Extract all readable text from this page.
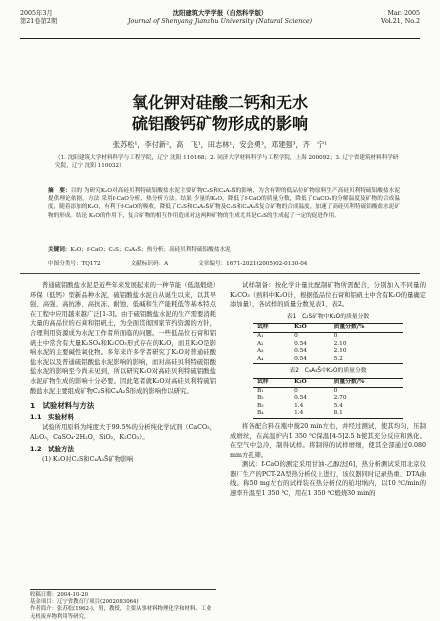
2005年3月
第21卷第2期
沈阳建筑大学学报（自然科学版）
Journal of Shenyang Jianzhu University (Natural Science)
Mar. 2005
Vol.21, No.2
氧化钾对硅酸二钙和无水
硫铝酸钙矿物形成的影响
张苏松¹，李付新²，高　飞¹，田志林¹，安会勇³，邓建强³，齐　宁¹
（1. 沈阳建筑大学材料科学与工程学院，辽宁 沈阳 110168；2. 同济大学材料科学与工程学院，上海 200092；3. 辽宁省建筑材料科学研究院，辽宁 沈阳 110032）
摘　要：目的 为研究K₂O对高硅贝利特硫铝酸盐水泥主要矿物C₂S和C₄A₃S̄的影响，为含有钾的低品位矿物原料生产高硅贝利特硫铝酸盐水泥提供理论依据。方法 采用f-CaO分析、热分析方法。结果 少量的K₂O，降低了f-CaO的质量分数，降低了CaCO₃的分解温度及矿物的合成温度，随着添加的K₂O，有利于f-CaO的吸收，降低了C₂S和C₄A₃S̄矿物及C₂S和C₄A₃S̄复合矿物的合成温度。加速了高硅贝利特硫铝酸盐水泥矿物的形成。结论 K₂O的作用下，复合矿物的相互作用造成对这两种矿物的生成尤其是C₂S的生成起了一定的促进作用。
关键词：K₂O；f-CaO；C₂S；C₄A₃S̄；热分析；高硅贝利特硫铝酸盐水泥
中图分类号：TQ172	文献标识码：A	文章编号：1671-2021(2005)02-0130-04

普通硫铝酸盐水泥是近些年来发展起来的一种节能（低温煅烧）环保（低钙）型新品种水泥，硫铝酸盐水泥自从诞生以来，以其早强、高强、高抗渗、高抗冻、耐蚀、低碱和生产能耗低等基本特点在工程中应用越来越广泛[1-3]。由于硫铝酸盐水泥的生产需要消耗大量的高品位的石膏和铝矾土，为全面贯彻国家节约资源的方针，合理利用资源成为水泥工作者所面临的问题。一些低品位石膏和铝矾土中常含有大量K₂SO₄和K₂CO₃形式存在的K₂O，而且K₂O是影响水泥的主要碱性氧化物。多年来许多学者研究了K₂O对普通硅酸盐水泥以及普通硫铝酸盐水泥影响的影响，而对高硅贝利特硫铝酸盐水泥的影响至今尚未见到，所以研究K₂O对高硅贝利特硫铝酸盐水泥矿物生成的影响十分必要。因此笔者就K₂O对高硅贝利特硫铝酸盐水泥主要组成矿物C₂S和C₄A₃S̄形成的影响作以研究。

1　试验材料与方法
1.1　实验材料

试验所用原料为纯度大于99.5%的分析纯化学试剂（CaCO₃，Al₂O₃，CaSO₄·2H₂O，SiO₂，K₂CO₃）。

1.2　试验方法

(1) K₂O对C₂S和C₄A₃S̄矿物影响

试样制备：按化学计量比配制矿物所需配合，分别加入不同量的K₂CO₃（熟料中K₂O计，根据低品位石膏和铝矾土中含有K₂O的量确定添加量），各试样的质量分数见表1、表2。

表1　C₂S矿物中K₂O的质量分数
试样	K₂O	质量分数/%
A₁	0	0
A₂	0.54	2.10
A₃	0.54	2.10
A₄	0.54	5.2
表2　C₄A₃S̄中K₂O的质量分数
试样	K₂O	质量分数/%
B₁	0	0
B₂	0.54	2.70
B₃	1.4	5.4
B₄	1.4	8.1

将各配合料在瓶中搅20 min左右，并经过测试，使其均匀，压制成磨丝，在高温炉内1 350 ℃保温[4-5]2.5 h使其充分反应和熟化。在空气中急冷，制得试样。将制得的试样磨细，使其全部通过0.080 mm方孔筛。

测试：f-CaO的测定采用甘油-乙醇法[6]，热分析测试采用北京仪器厂生产的PCT-2A型热分析仪上进行，该仪器同时记录热重、DTA曲线。称50 mg左右的试样装在热分析仪的铂坩埚内，以10 ℃/min的速率升温至1 350 ℃，用在1 350 ℃煅烧30 min的

收稿日期：2004-10-20
基金项目：辽宁省教育厅项目(2002083064)
作者简介：张苏松(1962-)，男，教授，主要从事材料物理化学和材料、工业无机废弃物利用等研究。
